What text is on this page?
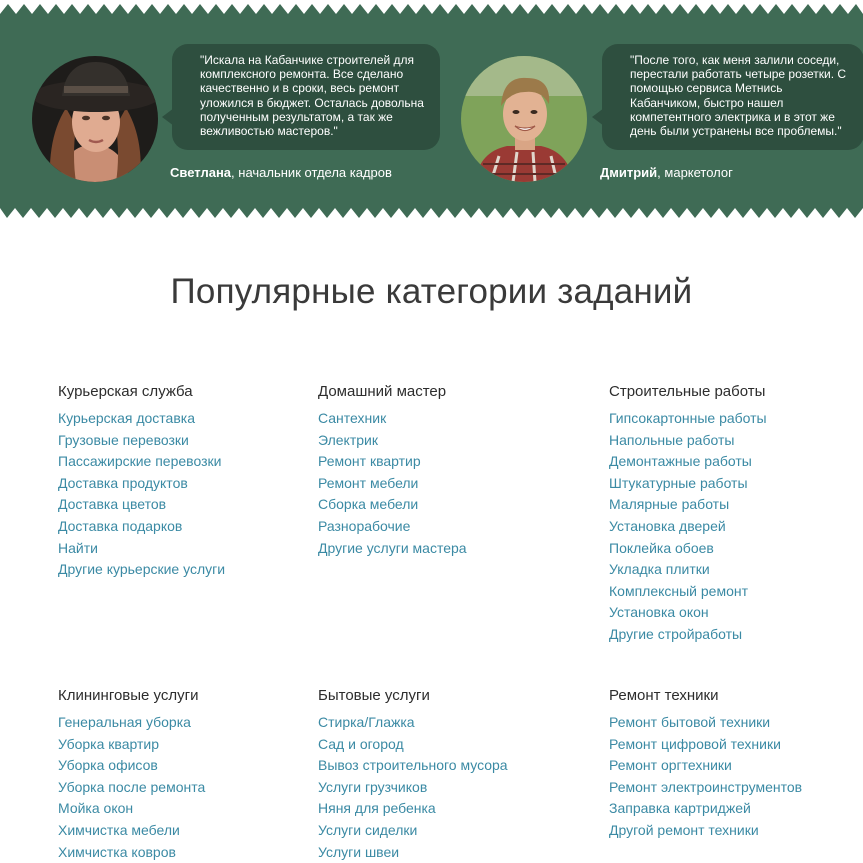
"Искала на Кабанчике строителей для комплексного ремонта. Все сделано качественно и в сроки, весь ремонт уложился в бюджет. Осталась довольна полученным результатом, а так же вежливостью мастеров."
Светлана, начальник отдела кадров
"После того, как меня залили соседи, перестали работать четыре розетки. С помощью сервиса Метнись Кабанчиком, быстро нашел компетентного электрика и в этот же день были устранены все проблемы."
Дмитрий, маркетолог
Популярные категории заданий
Курьерская служба
Курьерская доставка
Грузовые перевозки
Пассажирские перевозки
Доставка продуктов
Доставка цветов
Доставка подарков
Найти
Другие курьерские услуги
Домашний мастер
Сантехник
Электрик
Ремонт квартир
Ремонт мебели
Сборка мебели
Разнорабочие
Другие услуги мастера
Строительные работы
Гипсокартонные работы
Напольные работы
Демонтажные работы
Штукатурные работы
Малярные работы
Установка дверей
Поклейка обоев
Укладка плитки
Комплексный ремонт
Установка окон
Другие стройработы
Клининговые услуги
Генеральная уборка
Уборка квартир
Уборка офисов
Уборка после ремонта
Мойка окон
Химчистка мебели
Химчистка ковров
Бытовые услуги
Стирка/Глажка
Сад и огород
Вывоз строительного мусора
Услуги грузчиков
Няня для ребенка
Услуги сиделки
Услуги швеи
Ремонт техники
Ремонт бытовой техники
Ремонт цифровой техники
Ремонт оргтехники
Ремонт электроинструментов
Заправка картриджей
Другой ремонт техники
